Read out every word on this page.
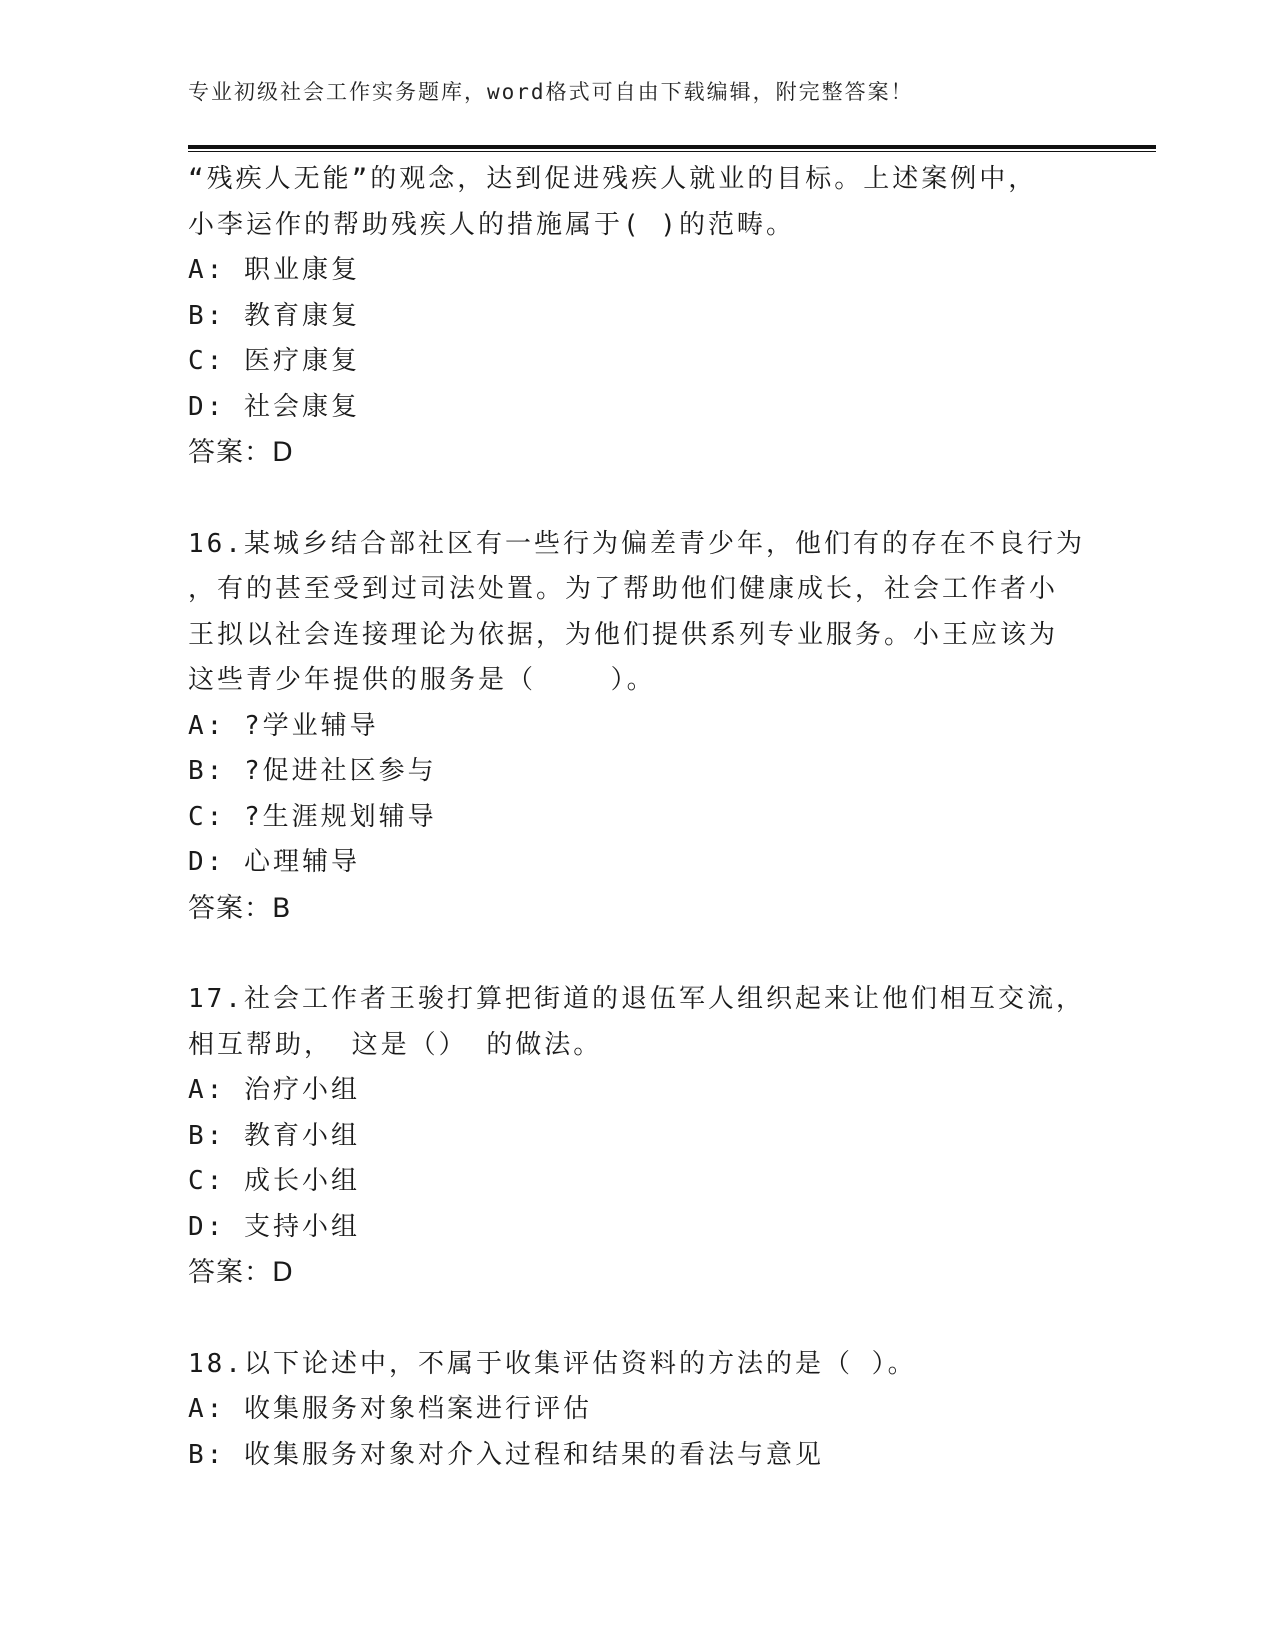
专业初级社会工作实务题库，word格式可自由下载编辑，附完整答案！
“残疾人无能”的观念，达到促进残疾人就业的目标。上述案例中，
小李运作的帮助残疾人的措施属于( )的范畴。
A: 职业康复
B: 教育康复
C: 医疗康复
D: 社会康复
答案：D
16.某城乡结合部社区有一些行为偏差青少年，他们有的存在不良行为
，有的甚至受到过司法处置。为了帮助他们健康成长，社会工作者小
王拟以社会连接理论为依据，为他们提供系列专业服务。小王应该为
这些青少年提供的服务是（    ）。
A: ?学业辅导
B: ?促进社区参与
C: ?生涯规划辅导
D: 心理辅导
答案：B
17.社会工作者王骏打算把街道的退伍军人组织起来让他们相互交流，
相互帮助， 这是（） 的做法。
A: 治疗小组
B: 教育小组
C: 成长小组
D: 支持小组
答案：D
18.以下论述中，不属于收集评估资料的方法的是（ ）。
A: 收集服务对象档案进行评估
B: 收集服务对象对介入过程和结果的看法与意见
